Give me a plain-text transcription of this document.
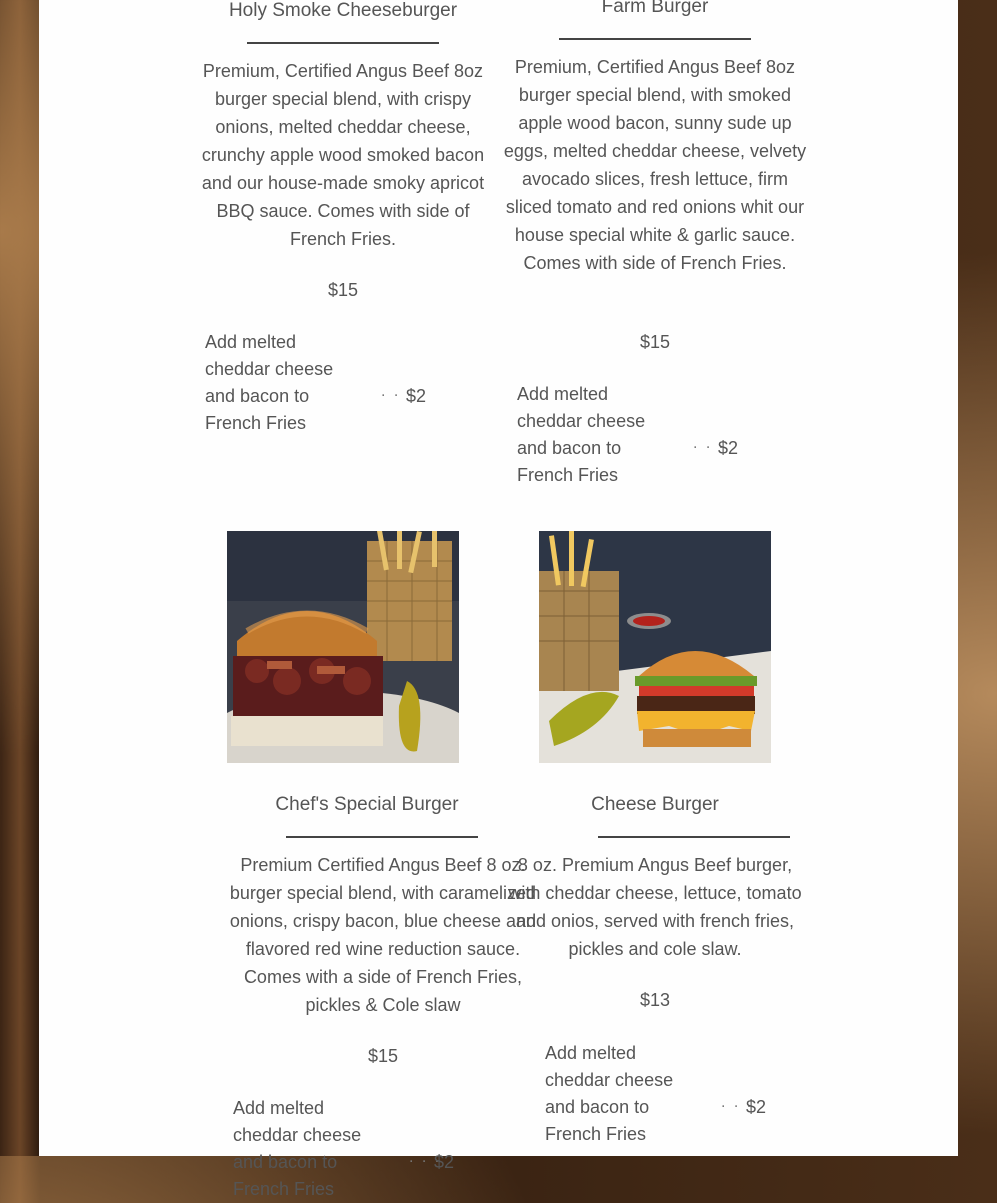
Holy Smoke Cheeseburger
Premium, Certified Angus Beef 8oz burger special blend, with crispy onions, melted cheddar cheese, crunchy apple wood smoked bacon and our house-made smoky apricot BBQ sauce. Comes with side of French Fries.
$15
Add melted cheddar cheese and bacon to French Fries
. . .
$2
Farm Burger
Premium, Certified Angus Beef 8oz burger special blend, with smoked apple wood bacon, sunny sude up eggs, melted cheddar cheese, velvety avocado slices, fresh lettuce, firm sliced tomato and red onions whit our house special white & garlic sauce. Comes with side of French Fries.
$15
Add melted cheddar cheese and bacon to French Fries
. . .
$2
Chef's Special Burger
Premium Certified Angus Beef 8 oz. burger special blend, with caramelized onions, crispy bacon, blue cheese and flavored red wine reduction sauce. Comes with a side of French Fries, pickles & Cole slaw
$15
Add melted cheddar cheese and bacon to French Fries
. . .
$2
Cheese Burger
8 oz. Premium Angus Beef burger, with cheddar cheese, lettuce, tomato and onios, served with french fries, pickles and cole slaw.
$13
Add melted cheddar cheese and bacon to French Fries
. . .
$2
